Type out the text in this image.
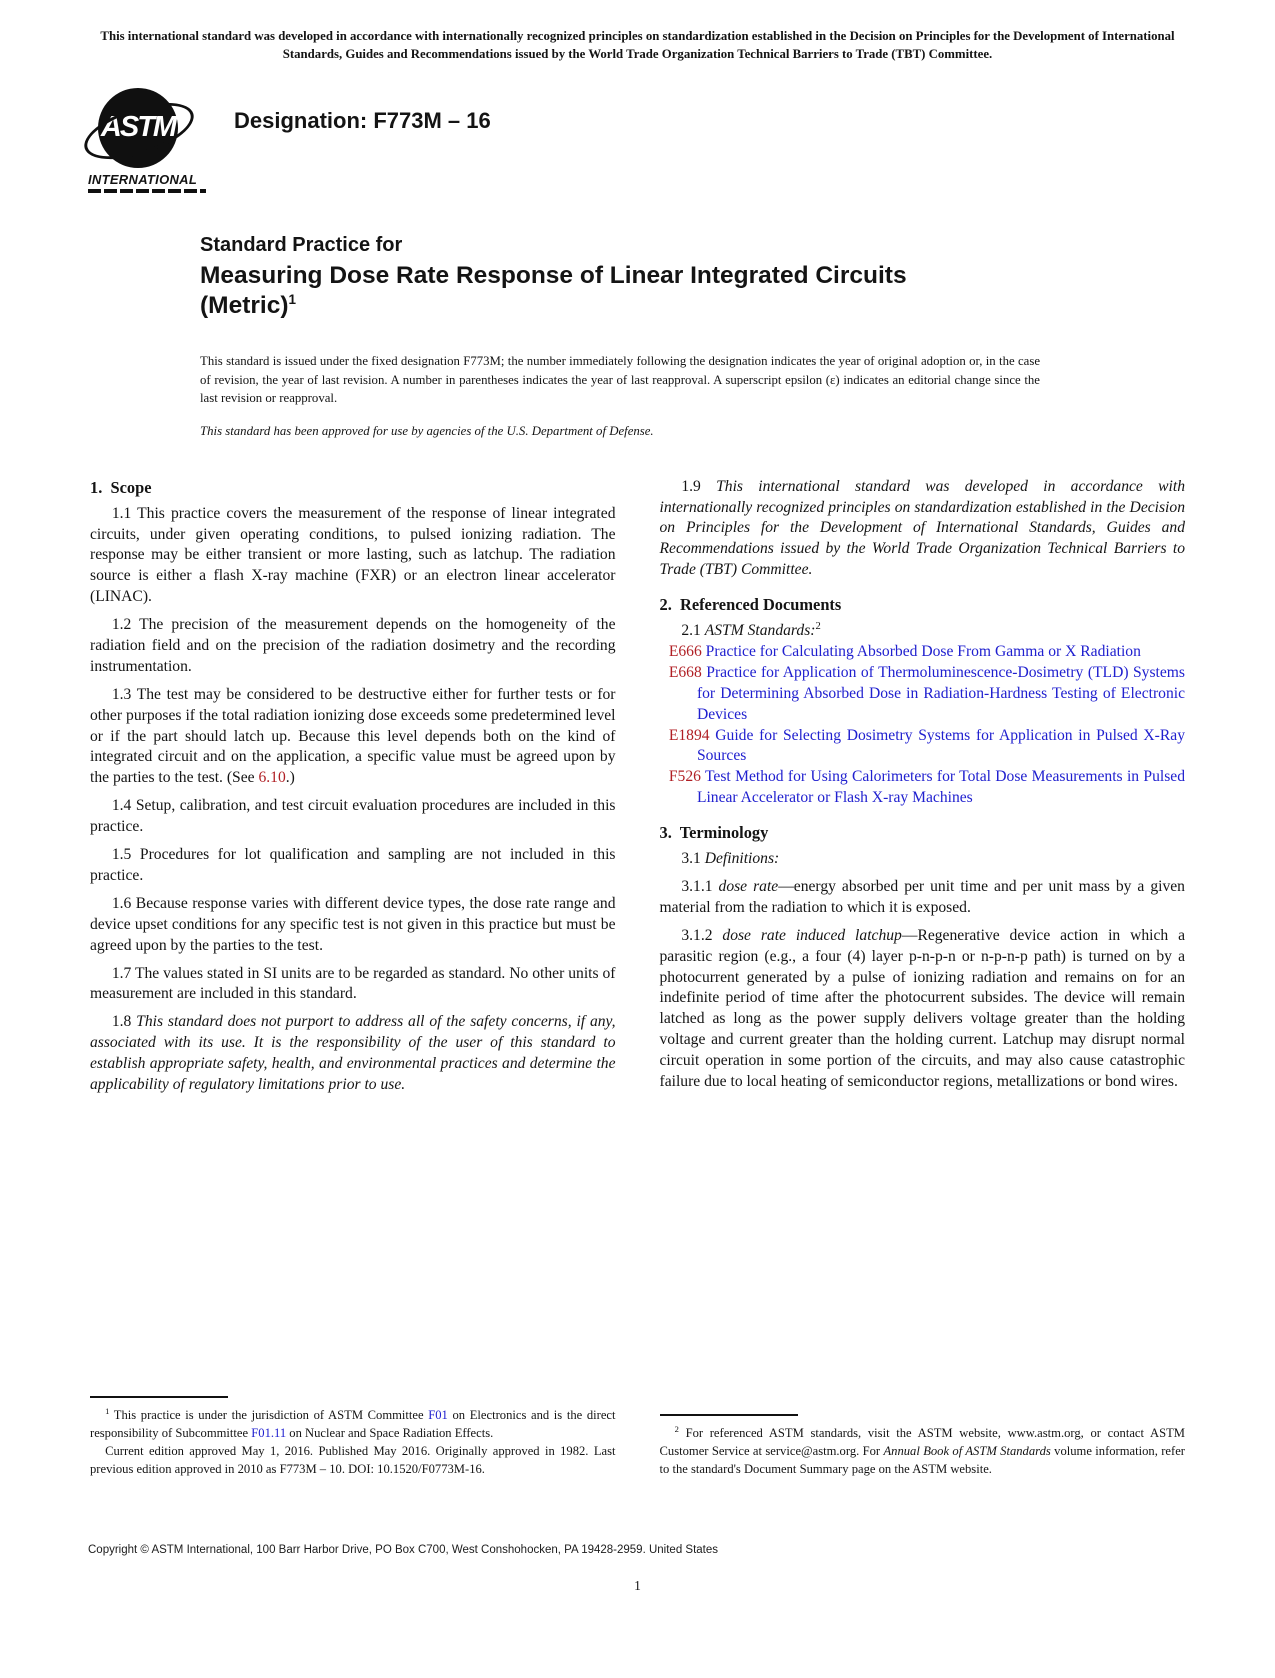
This international standard was developed in accordance with internationally recognized principles on standardization established in the Decision on Principles for the Development of International Standards, Guides and Recommendations issued by the World Trade Organization Technical Barriers to Trade (TBT) Committee.
ASTM
INTERNATIONAL
Designation: F773M – 16
Standard Practice for
Measuring Dose Rate Response of Linear Integrated Circuits (Metric)$^1$
This standard is issued under the fixed designation F773M; the number immediately following the designation indicates the year of original adoption or, in the case of revision, the year of last revision. A number in parentheses indicates the year of last reapproval. A superscript epsilon (ε) indicates an editorial change since the last revision or reapproval.
This standard has been approved for use by agencies of the U.S. Department of Defense.
1.  Scope

1.1 This practice covers the measurement of the response of linear integrated circuits, under given operating conditions, to pulsed ionizing radiation. The response may be either transient or more lasting, such as latchup. The radiation source is either a flash X-ray machine (FXR) or an electron linear accelerator (LINAC).

1.2 The precision of the measurement depends on the homogeneity of the radiation field and on the precision of the radiation dosimetry and the recording instrumentation.

1.3 The test may be considered to be destructive either for further tests or for other purposes if the total radiation ionizing dose exceeds some predetermined level or if the part should latch up. Because this level depends both on the kind of integrated circuit and on the application, a specific value must be agreed upon by the parties to the test. (See 6.10.)

1.4 Setup, calibration, and test circuit evaluation procedures are included in this practice.

1.5 Procedures for lot qualification and sampling are not included in this practice.

1.6 Because response varies with different device types, the dose rate range and device upset conditions for any specific test is not given in this practice but must be agreed upon by the parties to the test.

1.7 The values stated in SI units are to be regarded as standard. No other units of measurement are included in this standard.

1.8 This standard does not purport to address all of the safety concerns, if any, associated with its use. It is the responsibility of the user of this standard to establish appropriate safety, health, and environmental practices and determine the applicability of regulatory limitations prior to use.

$^1$ This practice is under the jurisdiction of ASTM Committee F01 on Electronics and is the direct responsibility of Subcommittee F01.11 on Nuclear and Space Radiation Effects.

Current edition approved May 1, 2016. Published May 2016. Originally approved in 1982. Last previous edition approved in 2010 as F773M – 10. DOI: 10.1520/F0773M-16.

1.9 This international standard was developed in accordance with internationally recognized principles on standardization established in the Decision on Principles for the Development of International Standards, Guides and Recommendations issued by the World Trade Organization Technical Barriers to Trade (TBT) Committee.

2.  Referenced Documents

2.1 ASTM Standards:$^2$

E666 Practice for Calculating Absorbed Dose From Gamma or X Radiation

E668 Practice for Application of Thermoluminescence-Dosimetry (TLD) Systems for Determining Absorbed Dose in Radiation-Hardness Testing of Electronic Devices

E1894 Guide for Selecting Dosimetry Systems for Application in Pulsed X-Ray Sources

F526 Test Method for Using Calorimeters for Total Dose Measurements in Pulsed Linear Accelerator or Flash X-ray Machines

3.  Terminology

3.1 Definitions:

3.1.1 dose rate—energy absorbed per unit time and per unit mass by a given material from the radiation to which it is exposed.

3.1.2 dose rate induced latchup—Regenerative device action in which a parasitic region (e.g., a four (4) layer p-n-p-n or n-p-n-p path) is turned on by a photocurrent generated by a pulse of ionizing radiation and remains on for an indefinite period of time after the photocurrent subsides. The device will remain latched as long as the power supply delivers voltage greater than the holding voltage and current greater than the holding current. Latchup may disrupt normal circuit operation in some portion of the circuits, and may also cause catastrophic failure due to local heating of semiconductor regions, metallizations or bond wires.

$^2$ For referenced ASTM standards, visit the ASTM website, www.astm.org, or contact ASTM Customer Service at service@astm.org. For Annual Book of ASTM Standards volume information, refer to the standard's Document Summary page on the ASTM website.

Copyright © ASTM International, 100 Barr Harbor Drive, PO Box C700, West Conshohocken, PA 19428-2959. United States
1
